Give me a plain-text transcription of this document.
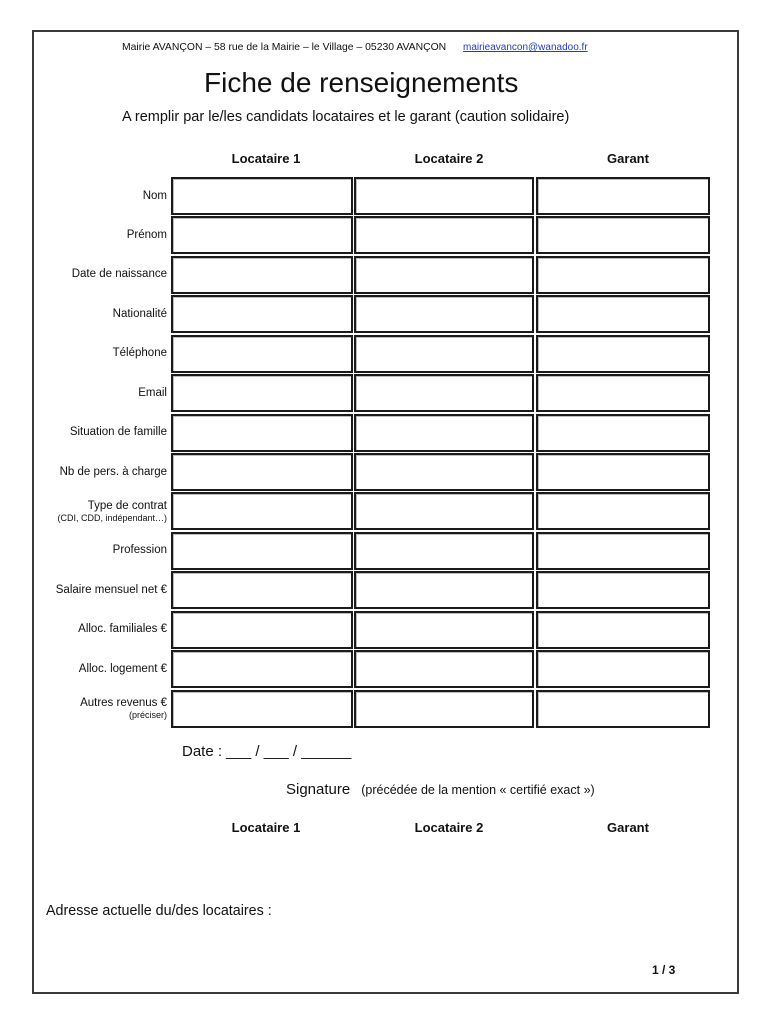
Mairie AVANÇON – 58 rue de la Mairie – le Village – 05230 AVANÇON mairieavancon@wanadoo.fr
Fiche de renseignements
A remplir par le/les candidats locataires et le garant (caution solidaire)
Locataire 1	Locataire 2	Garant
Nom
Prénom
Date de naissance
Nationalité
Téléphone
Email
Situation de famille
Nb de pers. à charge
Type de contrat
(CDI, CDD, indépendant…)
Profession
Salaire mensuel net €
Alloc. familiales €
Alloc. logement €
Autres revenus €
(préciser)
Date : ___ / ___ / ______
Signature (précédée de la mention « certifié exact »)
Locataire 1	Locataire 2	Garant
Adresse actuelle du/des locataires :
1 / 3
